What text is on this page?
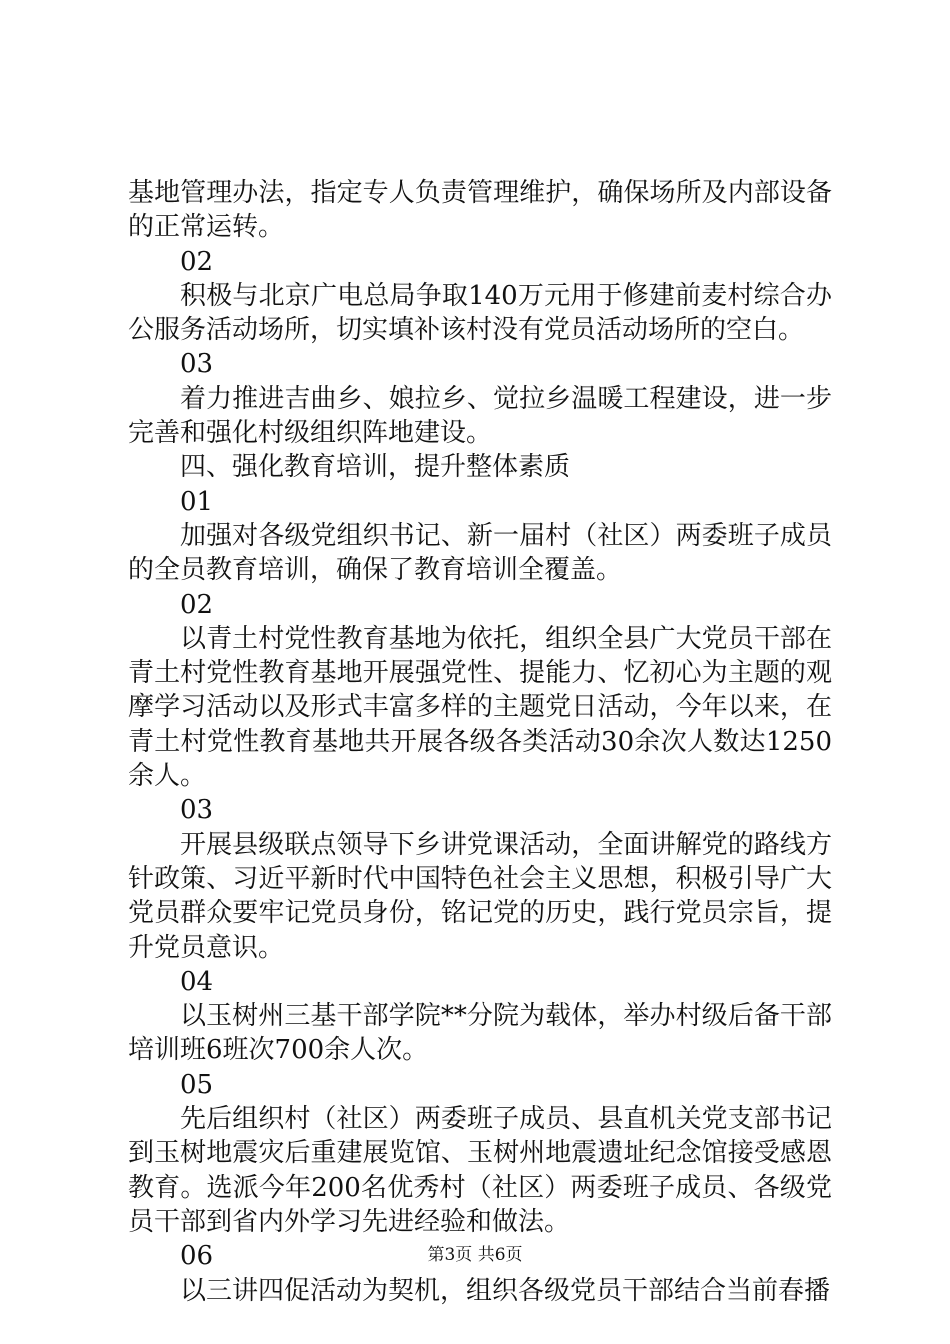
基地管理办法，指定专人负责管理维护，确保场所及内部设备的正常运转。

02

积极与北京广电总局争取140万元用于修建前麦村综合办公服务活动场所，切实填补该村没有党员活动场所的空白。

03

着力推进吉曲乡、娘拉乡、觉拉乡温暖工程建设，进一步完善和强化村级组织阵地建设。

四、强化教育培训，提升整体素质

01

加强对各级党组织书记、新一届村（社区）两委班子成员的全员教育培训，确保了教育培训全覆盖。

02

以青土村党性教育基地为依托，组织全县广大党员干部在青土村党性教育基地开展强党性、提能力、忆初心为主题的观摩学习活动以及形式丰富多样的主题党日活动，今年以来，在青土村党性教育基地共开展各级各类活动30余次人数达1250余人。

03

开展县级联点领导下乡讲党课活动，全面讲解党的路线方针政策、习近平新时代中国特色社会主义思想，积极引导广大党员群众要牢记党员身份，铭记党的历史，践行党员宗旨，提升党员意识。

04

以玉树州三基干部学院**分院为载体，举办村级后备干部培训班6班次700余人次。

05

先后组织村（社区）两委班子成员、县直机关党支部书记到玉树地震灾后重建展览馆、玉树州地震遗址纪念馆接受感恩教育。选派今年200名优秀村（社区）两委班子成员、各级党员干部到省内外学习先进经验和做法。

06

以三讲四促活动为契机，组织各级党员干部结合当前春播

第3页 共6页
